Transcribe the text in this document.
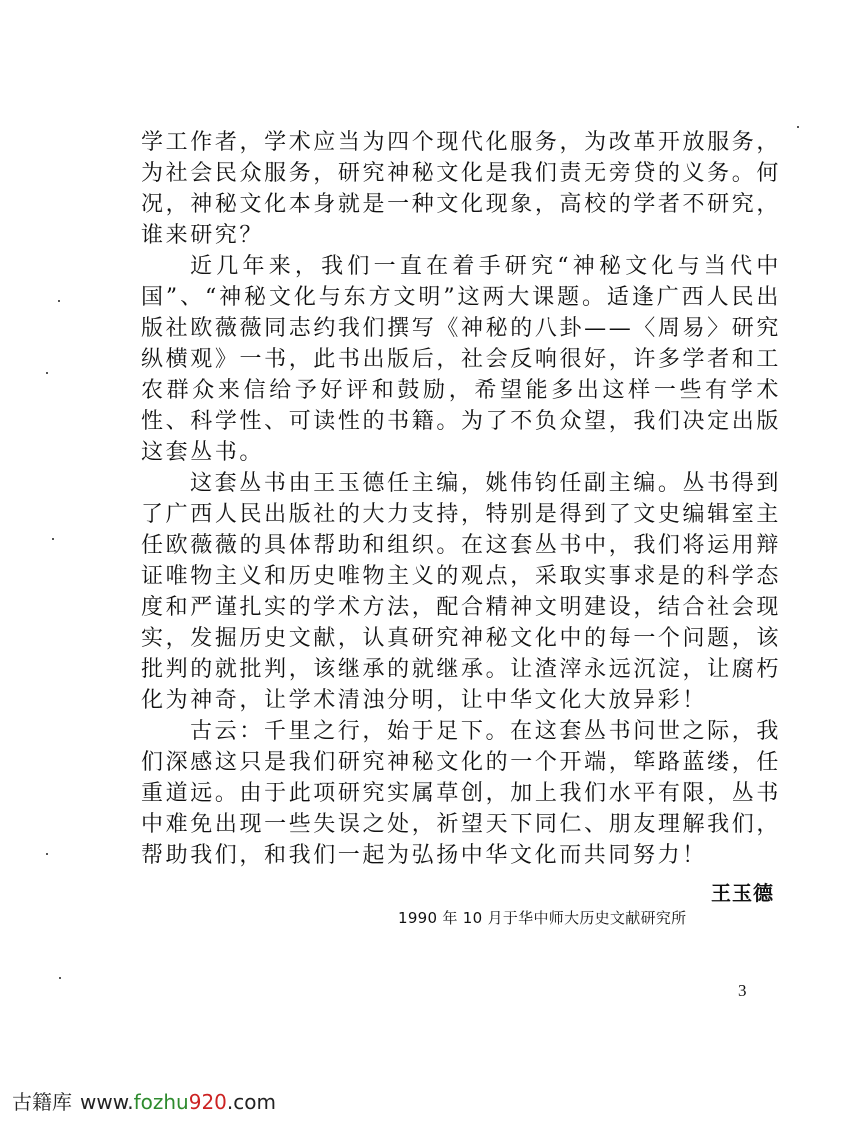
学工作者，学术应当为四个现代化服务，为改革开放服务，为社会民众服务，研究神秘文化是我们责无旁贷的义务。何况，神秘文化本身就是一种文化现象，高校的学者不研究，谁来研究？

近几年来，我们一直在着手研究“神秘文化与当代中国”、“神秘文化与东方文明”这两大课题。适逢广西人民出版社欧薇薇同志约我们撰写《神秘的八卦——〈周易〉研究纵横观》一书，此书出版后，社会反响很好，许多学者和工农群众来信给予好评和鼓励，希望能多出这样一些有学术性、科学性、可读性的书籍。为了不负众望，我们决定出版这套丛书。

这套丛书由王玉德任主编，姚伟钧任副主编。丛书得到了广西人民出版社的大力支持，特别是得到了文史编辑室主任欧薇薇的具体帮助和组织。在这套丛书中，我们将运用辩证唯物主义和历史唯物主义的观点，采取实事求是的科学态度和严谨扎实的学术方法，配合精神文明建设，结合社会现实，发掘历史文献，认真研究神秘文化中的每一个问题，该批判的就批判，该继承的就继承。让渣滓永远沉淀，让腐朽化为神奇，让学术清浊分明，让中华文化大放异彩！

古云：千里之行，始于足下。在这套丛书问世之际，我们深感这只是我们研究神秘文化的一个开端，筚路蓝缕，任重道远。由于此项研究实属草创，加上我们水平有限，丛书中难免出现一些失误之处，祈望天下同仁、朋友理解我们，帮助我们，和我们一起为弘扬中华文化而共同努力！

王玉德
1990 年 10 月于华中师大历史文献研究所
3
古籍库 www.fozhu920.com
